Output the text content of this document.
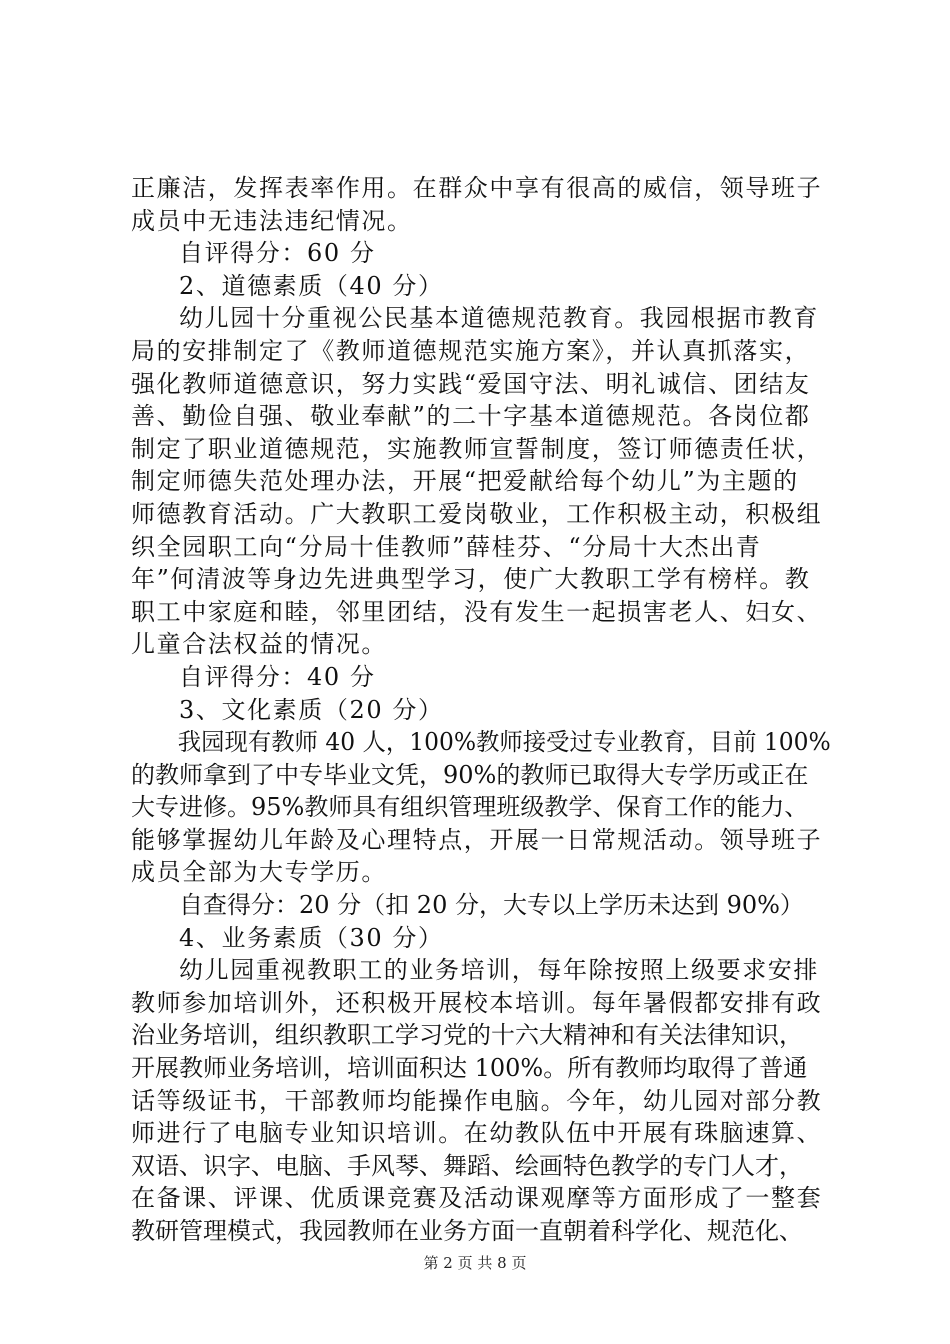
正廉洁，发挥表率作用。在群众中享有很高的威信，领导班子
成员中无违法违纪情况。
自评得分：60 分
2、道德素质（40 分）
幼儿园十分重视公民基本道德规范教育。我园根据市教育
局的安排制定了《教师道德规范实施方案》，并认真抓落实，
强化教师道德意识，努力实践“爱国守法、明礼诚信、团结友
善、勤俭自强、敬业奉献”的二十字基本道德规范。各岗位都
制定了职业道德规范，实施教师宣誓制度，签订师德责任状，
制定师德失范处理办法，开展“把爱献给每个幼儿”为主题的
师德教育活动。广大教职工爱岗敬业，工作积极主动，积极组
织全园职工向“分局十佳教师”薛桂芬、“分局十大杰出青
年”何清波等身边先进典型学习，使广大教职工学有榜样。教
职工中家庭和睦，邻里团结，没有发生一起损害老人、妇女、
儿童合法权益的情况。
自评得分：40 分
3、文化素质（20 分）
我园现有教师 40 人，100%教师接受过专业教育，目前 100%
的教师拿到了中专毕业文凭，90%的教师已取得大专学历或正在
大专进修。95%教师具有组织管理班级教学、保育工作的能力、
能够掌握幼儿年龄及心理特点，开展一日常规活动。领导班子
成员全部为大专学历。
自查得分：20 分（扣 20 分，大专以上学历未达到 90%）
4、业务素质（30 分）
幼儿园重视教职工的业务培训，每年除按照上级要求安排
教师参加培训外，还积极开展校本培训。每年暑假都安排有政
治业务培训，组织教职工学习党的十六大精神和有关法律知识，
开展教师业务培训，培训面积达 100%。所有教师均取得了普通
话等级证书，干部教师均能操作电脑。今年，幼儿园对部分教
师进行了电脑专业知识培训。在幼教队伍中开展有珠脑速算、
双语、识字、电脑、手风琴、舞蹈、绘画特色教学的专门人才，
在备课、评课、优质课竞赛及活动课观摩等方面形成了一整套
教研管理模式，我园教师在业务方面一直朝着科学化、规范化、
第 2 页 共 8 页
